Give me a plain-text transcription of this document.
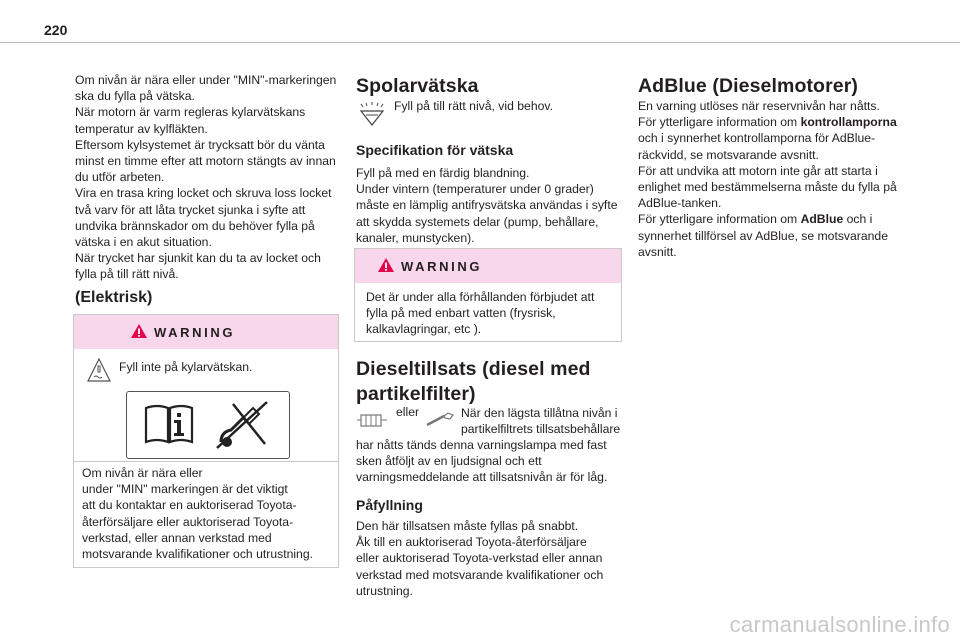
220

Om nivån är nära eller under "MIN"-markeringen
ska du fylla på vätska.
När motorn är varm regleras kylarvätskans
temperatur av kylfläkten.
Eftersom kylsystemet är trycksatt bör du vänta
minst en timme efter att motorn stängts av innan
du utför arbeten.
Vira en trasa kring locket och skruva loss locket
två varv för att låta trycket sjunka i syfte att
undvika brännskador om du behöver fylla på
vätska i en akut situation.
När trycket har sjunkit kan du ta av locket och
fylla på till rätt nivå.

(Elektrisk)
WARNING

Fyll inte på kylarvätskan.

Om nivån är nära eller
under "MIN" markeringen är det viktigt
att du kontaktar en auktoriserad Toyota-
återförsäljare eller auktoriserad Toyota-
verkstad, eller annan verkstad med
motsvarande kvalifikationer och utrustning.

Spolarvätska

Fyll på till rätt nivå, vid behov.

Specifikation för vätska

Fyll på med en färdig blandning.
Under vintern (temperaturer under 0 grader)
måste en lämplig antifrysvätska användas i syfte
att skydda systemets delar (pump, behållare,
kanaler, munstycken).

WARNING

Det är under alla förhållanden förbjudet att
fylla på med enbart vatten (frysrisk,
kalkavlagringar, etc ).

Dieseltillsats (diesel med
partikelfilter)
eller	När den lägsta tillåtna nivån i
partikelfiltrets tillsatsbehållare

har nåtts tänds denna varningslampa med fast
sken åtföljt av en ljudsignal och ett
varningsmeddelande att tillsatsnivån är för låg.

Påfyllning

Den här tillsatsen måste fyllas på snabbt.
Åk till en auktoriserad Toyota-återförsäljare
eller auktoriserad Toyota-verkstad eller annan
verkstad med motsvarande kvalifikationer och
utrustning.

AdBlue (Dieselmotorer)

En varning utlöses när reservnivån har nåtts.
För ytterligare information om kontrollamporna
och i synnerhet kontrollamporna för AdBlue-
räckvidd, se motsvarande avsnitt.
För att undvika att motorn inte går att starta i
enlighet med bestämmelserna måste du fylla på
AdBlue-tanken.
För ytterligare information om AdBlue och i
synnerhet tillförsel av AdBlue, se motsvarande
avsnitt.

carmanualsonline.info
